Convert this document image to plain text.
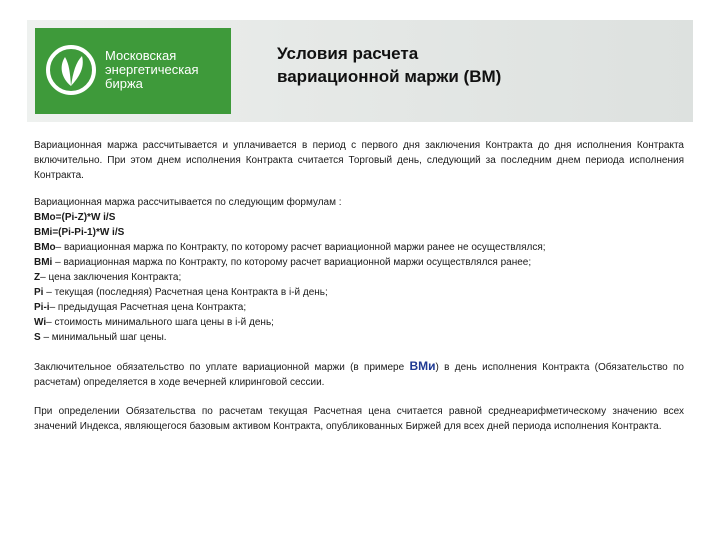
Московская
энергетическая
биржа
Условия расчета
вариационной маржи (ВМ)

Вариационная маржа рассчитывается и уплачивается в период с первого дня заключения Контракта до дня исполнения Контракта включительно. При этом днем исполнения Контракта считается Торговый день, следующий за последним днем периода исполнения Контракта.

Вариационная маржа рассчитывается по следующим формулам :

ВМо=(Pi-Z)*W i/S

ВМi=(Pi-Pi-1)*W i/S

ВМо– вариационная маржа по Контракту, по которому расчет вариационной маржи ранее не осуществлялся;

ВМi – вариационная маржа по Контракту, по которому расчет вариационной маржи осуществлялся ранее;

Z– цена заключения Контракта;

Pi – текущая (последняя) Расчетная цена Контракта в i-й день;

Pi-i– предыдущая Расчетная цена Контракта;

Wi– стоимость минимального шага цены в i-й день;

S – минимальный шаг цены.

Заключительное обязательство по уплате вариационной маржи (в примере ВМи) в день исполнения Контракта (Обязательство по расчетам) определяется в ходе вечерней клиринговой сессии.

При определении Обязательства по расчетам текущая Расчетная цена считается равной среднеарифметическому значению всех значений Индекса, являющегося базовым активом Контракта, опубликованных Биржей для всех дней периода исполнения Контракта.
